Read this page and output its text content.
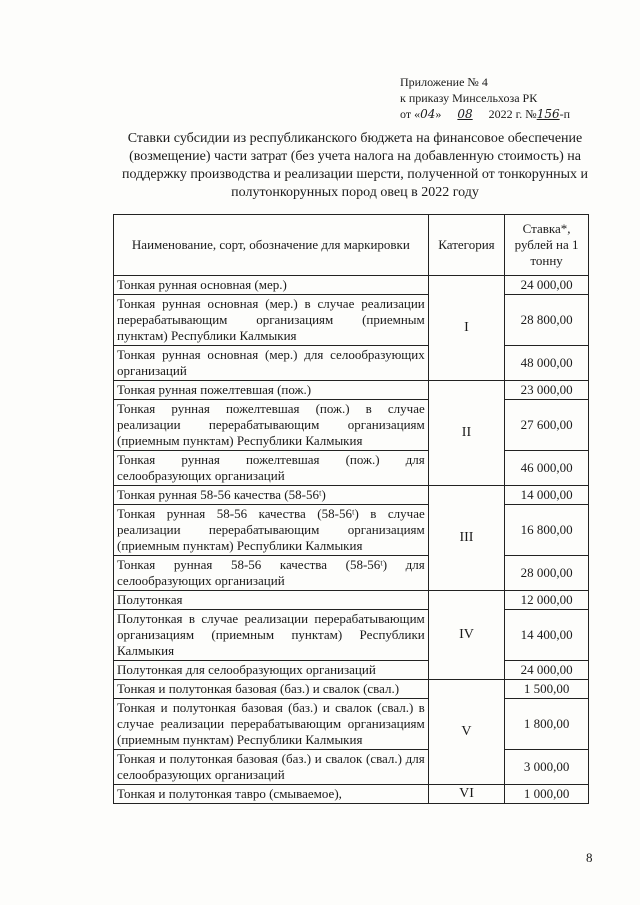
Приложение № 4
к приказу Минсельхоза РК
от «04» 08 2022 г. №156-п
Ставки субсидии из республиканского бюджета на финансовое обеспечение (возмещение) части затрат (без учета налога на добавленную стоимость) на поддержку производства и реализации шерсти, полученной от тонкорунных и полутонкорунных пород овец в 2022 году
Наименование, сорт, обозначение для маркировки	Категория	Ставка*, рублей на 1 тонну
Тонкая рунная основная (мер.)	I	24 000,00
Тонкая рунная основная (мер.) в случае реализации перерабатывающим организациям (приемным пунктам) Республики Калмыкия		28 800,00
Тонкая рунная основная (мер.) для селообразующих организаций		48 000,00
Тонкая рунная пожелтевшая (пож.)	II	23 000,00
Тонкая рунная пожелтевшая (пож.) в случае реализации перерабатывающим организациям (приемным пунктам) Республики Калмыкия		27 600,00
Тонкая рунная пожелтевшая (пож.) для селообразующих организаций		46 000,00
Тонкая рунная 58-56 качества (58-56ᵗ)	III	14 000,00
Тонкая рунная 58-56 качества (58-56ᵗ) в случае реализации перерабатывающим организациям (приемным пунктам) Республики Калмыкия		16 800,00
Тонкая рунная 58-56 качества (58-56ᵗ) для селообразующих организаций		28 000,00
Полутонкая	IV	12 000,00
Полутонкая в случае реализации перерабатывающим организациям (приемным пунктам) Республики Калмыкия		14 400,00
Полутонкая для селообразующих организаций		24 000,00
Тонкая и полутонкая базовая (баз.) и свалок (свал.)	V	1 500,00
Тонкая и полутонкая базовая (баз.) и свалок (свал.) в случае реализации перерабатывающим организациям (приемным пунктам) Республики Калмыкия		1 800,00
Тонкая и полутонкая базовая (баз.) и свалок (свал.) для селообразующих организаций		3 000,00
Тонкая и полутонкая тавро (смываемое),	VI	1 000,00
8
